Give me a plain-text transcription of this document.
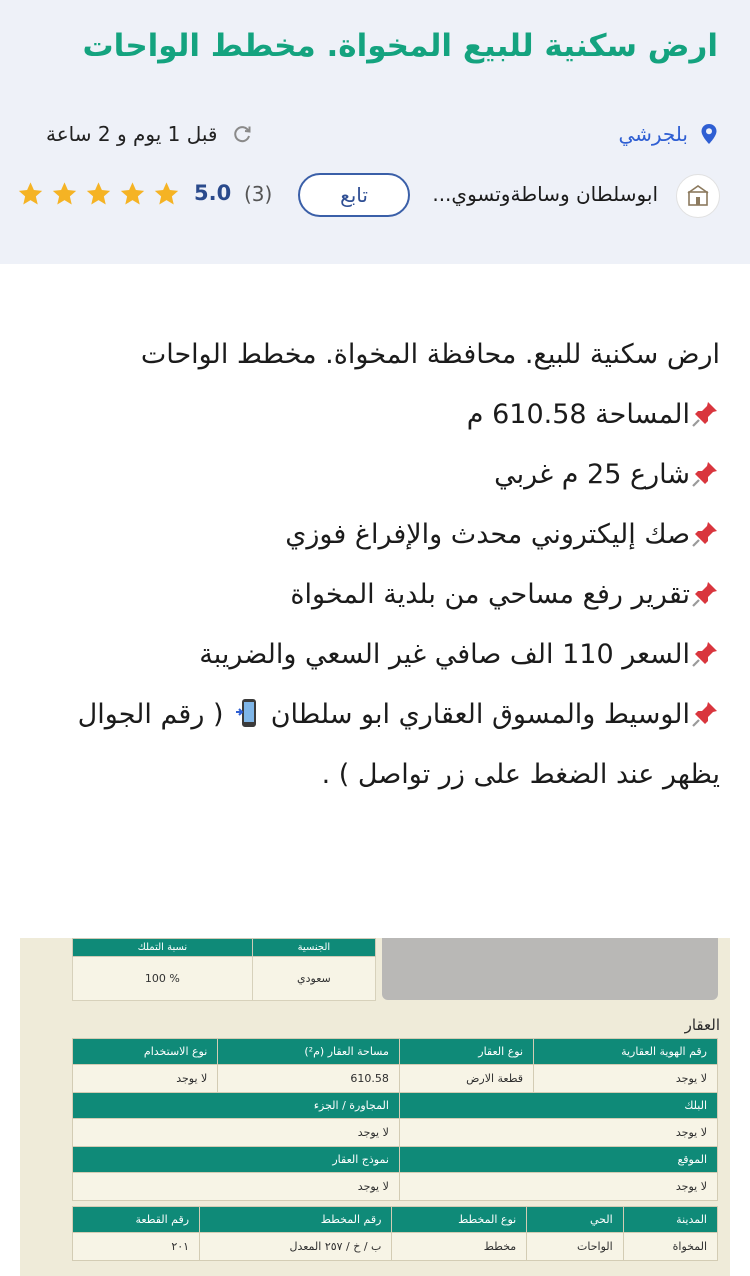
ارض سكنية للبيع المخواة. مخطط الواحات
بلجرشي
قبل 1 يوم و 2 ساعة
ابوسلطان وساطةوتسوي...
تابع
(3)
5.0

ارض سكنية للبيع. محافظة المخواة. مخطط الواحات

المساحة 610.58 م

شارع 25 م غربي

صك إليكتروني محدث والإفراغ فوزي

تقرير رفع مساحي من بلدية المخواة

السعر 110 الف صافي غير السعي والضريبة

الوسيط والمسوق العقاري ابو سلطان  ( رقم الجوال يظهر عند الضغط على زر تواصل ) .

الجنسية	نسبة التملك
سعودي	% 100
العقار
رقم الهوية العقارية	نوع العقار	مساحة العقار (م²)	نوع الاستخدام
لا يوجد	قطعة الارض	610.58	لا يوجد
البلك		المجاورة / الجزء	
لا يوجد		لا يوجد	
الموقع		نموذج العقار	
لا يوجد		لا يوجد	
المدينة	الحي	نوع المخطط	رقم المخطط	رقم القطعة
المخواة	الواحات	مخطط	ب / خ / ٢٥٧ المعدل	٢٠١
